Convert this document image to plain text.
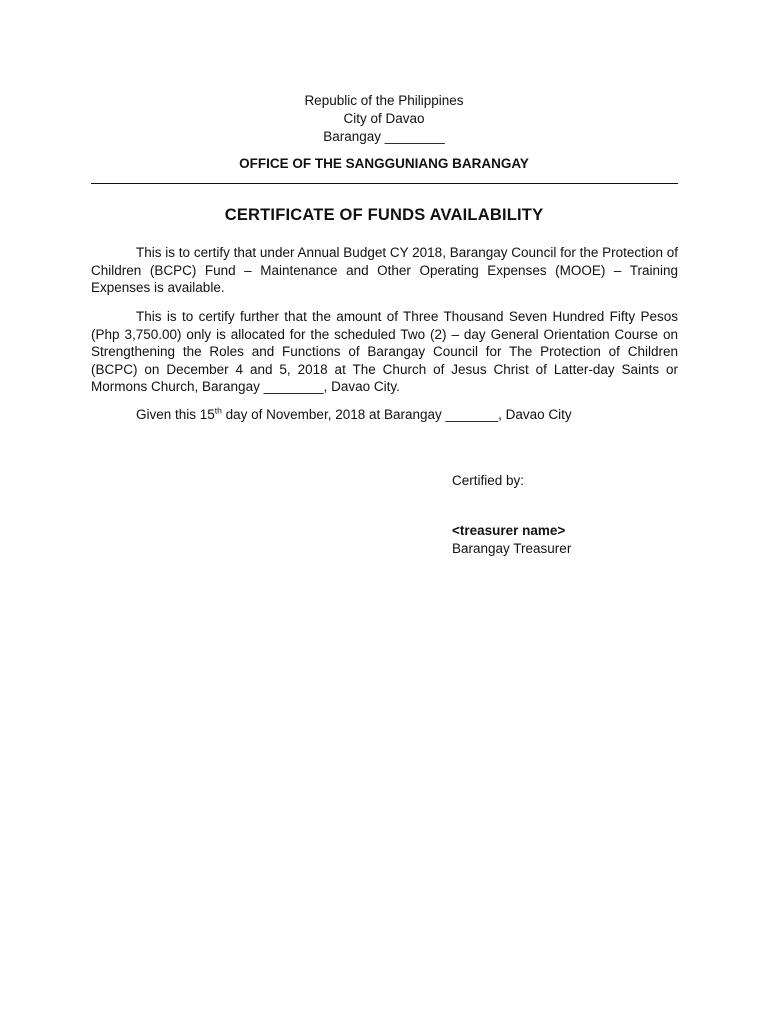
Republic of the Philippines
City of Davao
Barangay ________
OFFICE OF THE SANGGUNIANG BARANGAY
CERTIFICATE OF FUNDS AVAILABILITY

This is to certify that under Annual Budget CY 2018, Barangay Council for the Protection of Children (BCPC) Fund – Maintenance and Other Operating Expenses (MOOE) – Training Expenses is available.

This is to certify further that the amount of Three Thousand Seven Hundred Fifty Pesos (Php 3,750.00) only is allocated for the scheduled Two (2) – day General Orientation Course on Strengthening the Roles and Functions of Barangay Council for The Protection of Children (BCPC) on December 4 and 5, 2018 at The Church of Jesus Christ of Latter-day Saints or Mormons Church, Barangay ________, Davao City.

Given this 15th day of November, 2018 at Barangay _______, Davao City

Certified by:
<treasurer name>
Barangay Treasurer
